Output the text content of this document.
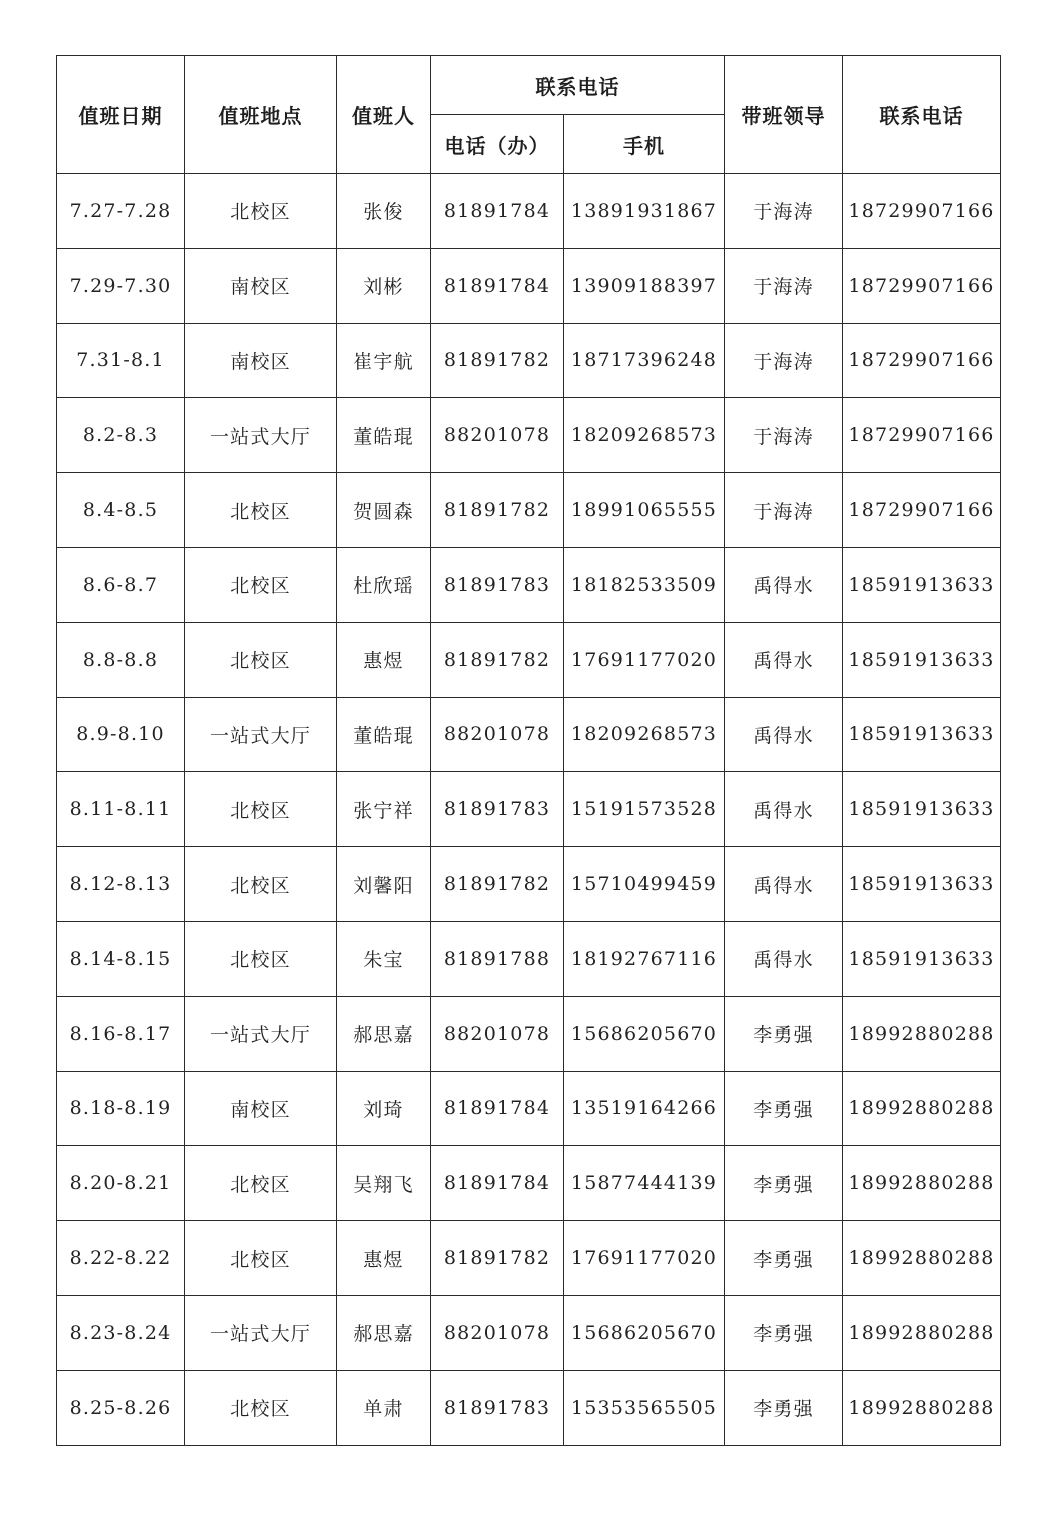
值班日期	值班地点	值班人	联系电话		带班领导	联系电话
			电话（办）	手机		
7.27-7.28	北校区	张俊	81891784	13891931867	于海涛	18729907166
7.29-7.30	南校区	刘彬	81891784	13909188397	于海涛	18729907166
7.31-8.1	南校区	崔宇航	81891782	18717396248	于海涛	18729907166
8.2-8.3	一站式大厅	董皓琨	88201078	18209268573	于海涛	18729907166
8.4-8.5	北校区	贺圆森	81891782	18991065555	于海涛	18729907166
8.6-8.7	北校区	杜欣瑶	81891783	18182533509	禹得水	18591913633
8.8-8.8	北校区	惠煜	81891782	17691177020	禹得水	18591913633
8.9-8.10	一站式大厅	董皓琨	88201078	18209268573	禹得水	18591913633
8.11-8.11	北校区	张宁祥	81891783	15191573528	禹得水	18591913633
8.12-8.13	北校区	刘馨阳	81891782	15710499459	禹得水	18591913633
8.14-8.15	北校区	朱宝	81891788	18192767116	禹得水	18591913633
8.16-8.17	一站式大厅	郝思嘉	88201078	15686205670	李勇强	18992880288
8.18-8.19	南校区	刘琦	81891784	13519164266	李勇强	18992880288
8.20-8.21	北校区	吴翔飞	81891784	15877444139	李勇强	18992880288
8.22-8.22	北校区	惠煜	81891782	17691177020	李勇强	18992880288
8.23-8.24	一站式大厅	郝思嘉	88201078	15686205670	李勇强	18992880288
8.25-8.26	北校区	单肃	81891783	15353565505	李勇强	18992880288
